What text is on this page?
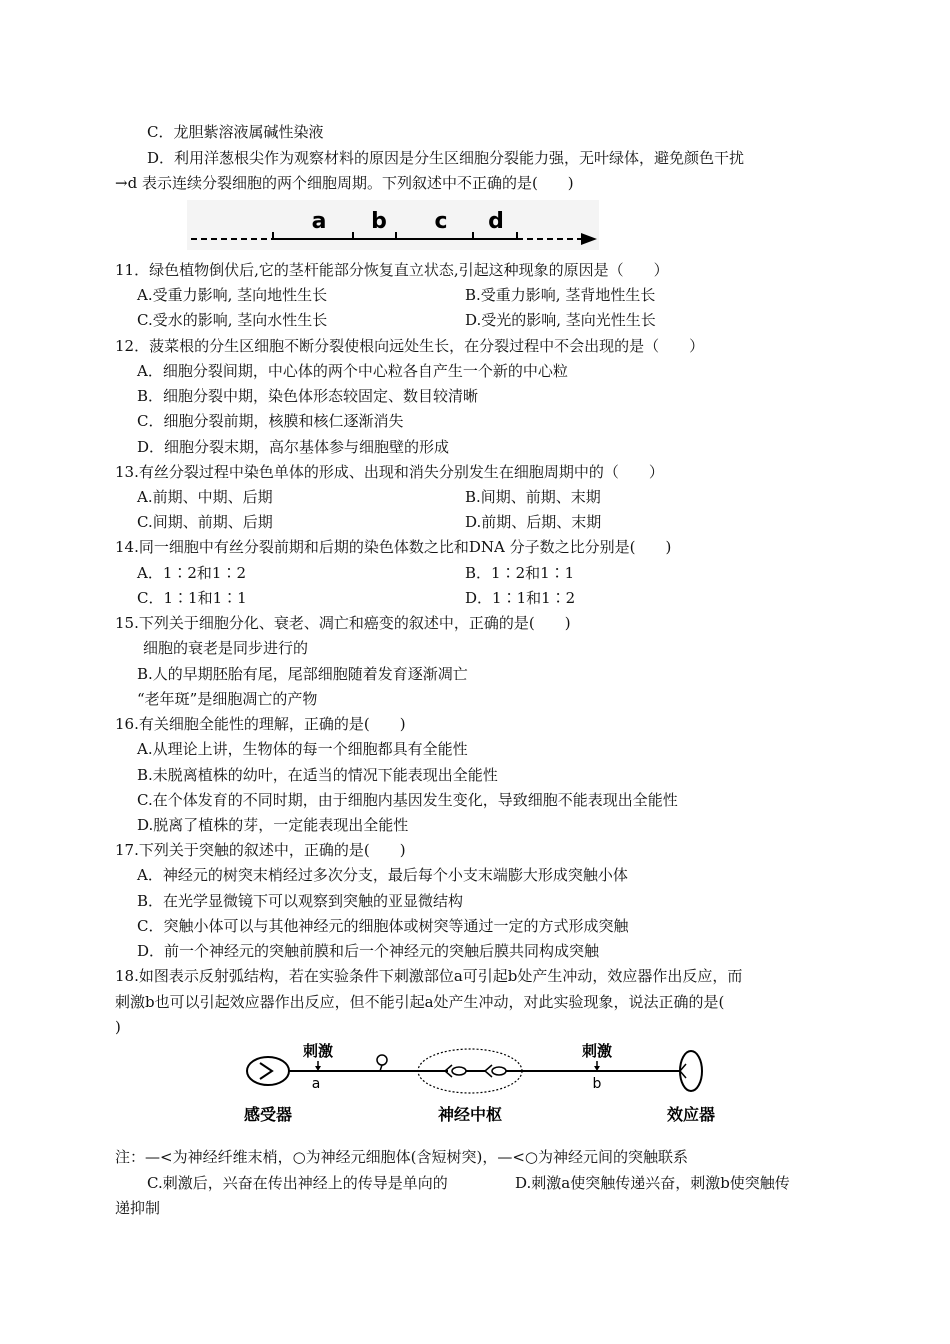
C．龙胆紫溶液属碱性染液
D．利用洋葱根尖作为观察材料的原因是分生区细胞分裂能力强，无叶绿体，避免颜色干扰
→d 表示连续分裂细胞的两个细胞周期。下列叙述中不正确的是(　　)
a b c d
11．绿色植物倒伏后,它的茎杆能部分恢复直立状态,引起这种现象的原因是（　　）
A.受重力影响, 茎向地性生长	B.受重力影响, 茎背地性生长
C.受水的影响, 茎向水性生长	D.受光的影响, 茎向光性生长
12．菠菜根的分生区细胞不断分裂使根向远处生长，在分裂过程中不会出现的是（　　）
A．细胞分裂间期，中心体的两个中心粒各自产生一个新的中心粒
B．细胞分裂中期，染色体形态较固定、数目较清晰
C．细胞分裂前期，核膜和核仁逐渐消失
D．细胞分裂末期，高尔基体参与细胞壁的形成
13.有丝分裂过程中染色单体的形成、出现和消失分别发生在细胞周期中的（　　）
A.前期、中期、后期	B.间期、前期、末期
C.间期、前期、后期	D.前期、后期、末期
14.同一细胞中有丝分裂前期和后期的染色体数之比和DNA 分子数之比分别是(　　)
A．1∶2和1∶2	B．1∶2和1∶1
C．1∶1和1∶1	D．1∶1和1∶2
15.下列关于细胞分化、衰老、凋亡和癌变的叙述中，正确的是(　　)
细胞的衰老是同步进行的
B.人的早期胚胎有尾，尾部细胞随着发育逐渐凋亡
“老年斑”是细胞凋亡的产物
16.有关细胞全能性的理解，正确的是(　　)
A.从理论上讲，生物体的每一个细胞都具有全能性
B.未脱离植株的幼叶，在适当的情况下能表现出全能性
C.在个体发育的不同时期，由于细胞内基因发生变化，导致细胞不能表现出全能性
D.脱离了植株的芽，一定能表现出全能性
17.下列关于突触的叙述中，正确的是(　　)
A．神经元的树突末梢经过多次分支，最后每个小支末端膨大形成突触小体
B．在光学显微镜下可以观察到突触的亚显微结构
C．突触小体可以与其他神经元的细胞体或树突等通过一定的方式形成突触
D．前一个神经元的突触前膜和后一个神经元的突触后膜共同构成突触
18.如图表示反射弧结构，若在实验条件下刺激部位a可引起b处产生冲动，效应器作出反应，而
刺激b也可以引起效应器作出反应，但不能引起a处产生冲动，对此实验现象，说法正确的是(
)
刺激
a
刺激
b
感受器	神经中枢	效应器
注：—<为神经纤维末梢，○为神经元细胞体(含短树突)，—<○为神经元间的突触联系
C.刺激后，兴奋在传出神经上的传导是单向的	D.刺激a使突触传递兴奋，刺激b使突触传
递抑制
